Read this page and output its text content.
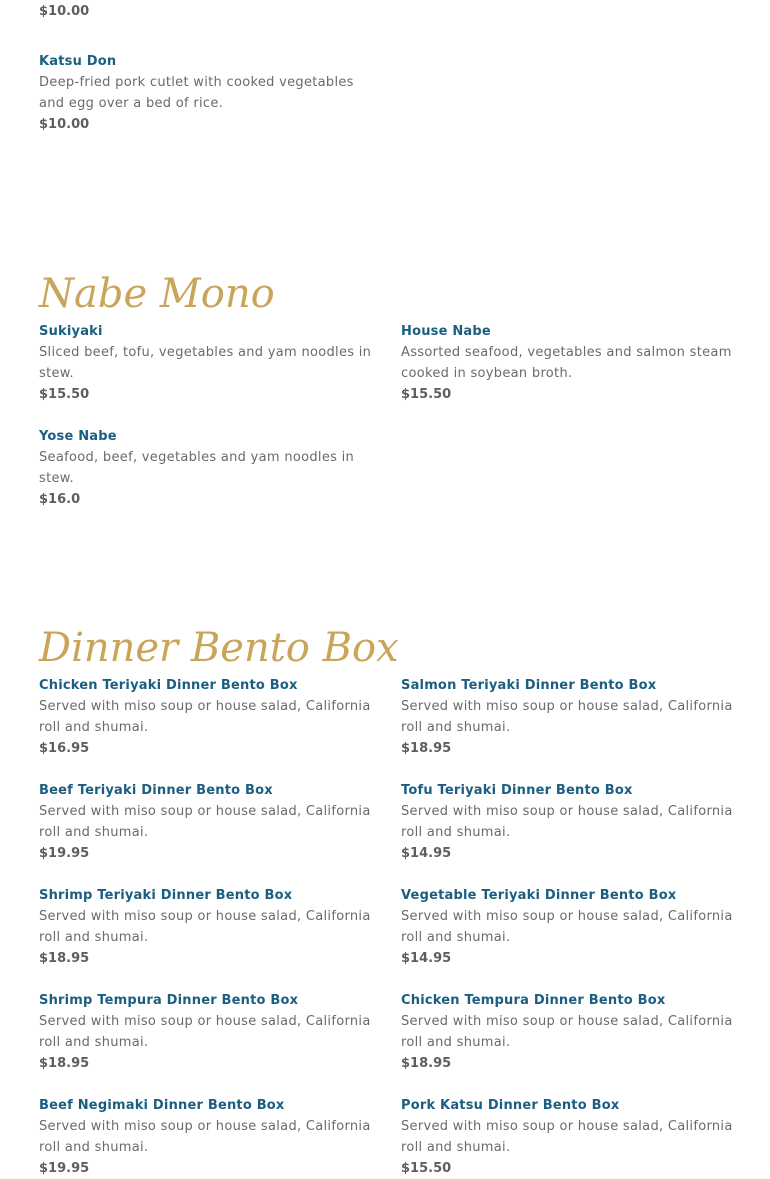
$10.00
Katsu Don
Deep-fried pork cutlet with cooked vegetables and egg over a bed of rice.
$10.00
Nabe Mono
Sukiyaki
Sliced beef, tofu, vegetables and yam noodles in stew.
$15.50
House Nabe
Assorted seafood, vegetables and salmon steam cooked in soybean broth.
$15.50
Yose Nabe
Seafood, beef, vegetables and yam noodles in stew.
$16.0
Dinner Bento Box
Chicken Teriyaki Dinner Bento Box
Served with miso soup or house salad, California roll and shumai.
$16.95
Salmon Teriyaki Dinner Bento Box
Served with miso soup or house salad, California roll and shumai.
$18.95
Beef Teriyaki Dinner Bento Box
Served with miso soup or house salad, California roll and shumai.
$19.95
Tofu Teriyaki Dinner Bento Box
Served with miso soup or house salad, California roll and shumai.
$14.95
Shrimp Teriyaki Dinner Bento Box
Served with miso soup or house salad, California roll and shumai.
$18.95
Vegetable Teriyaki Dinner Bento Box
Served with miso soup or house salad, California roll and shumai.
$14.95
Shrimp Tempura Dinner Bento Box
Served with miso soup or house salad, California roll and shumai.
$18.95
Chicken Tempura Dinner Bento Box
Served with miso soup or house salad, California roll and shumai.
$18.95
Beef Negimaki Dinner Bento Box
Served with miso soup or house salad, California roll and shumai.
$19.95
Pork Katsu Dinner Bento Box
Served with miso soup or house salad, California roll and shumai.
$15.50
